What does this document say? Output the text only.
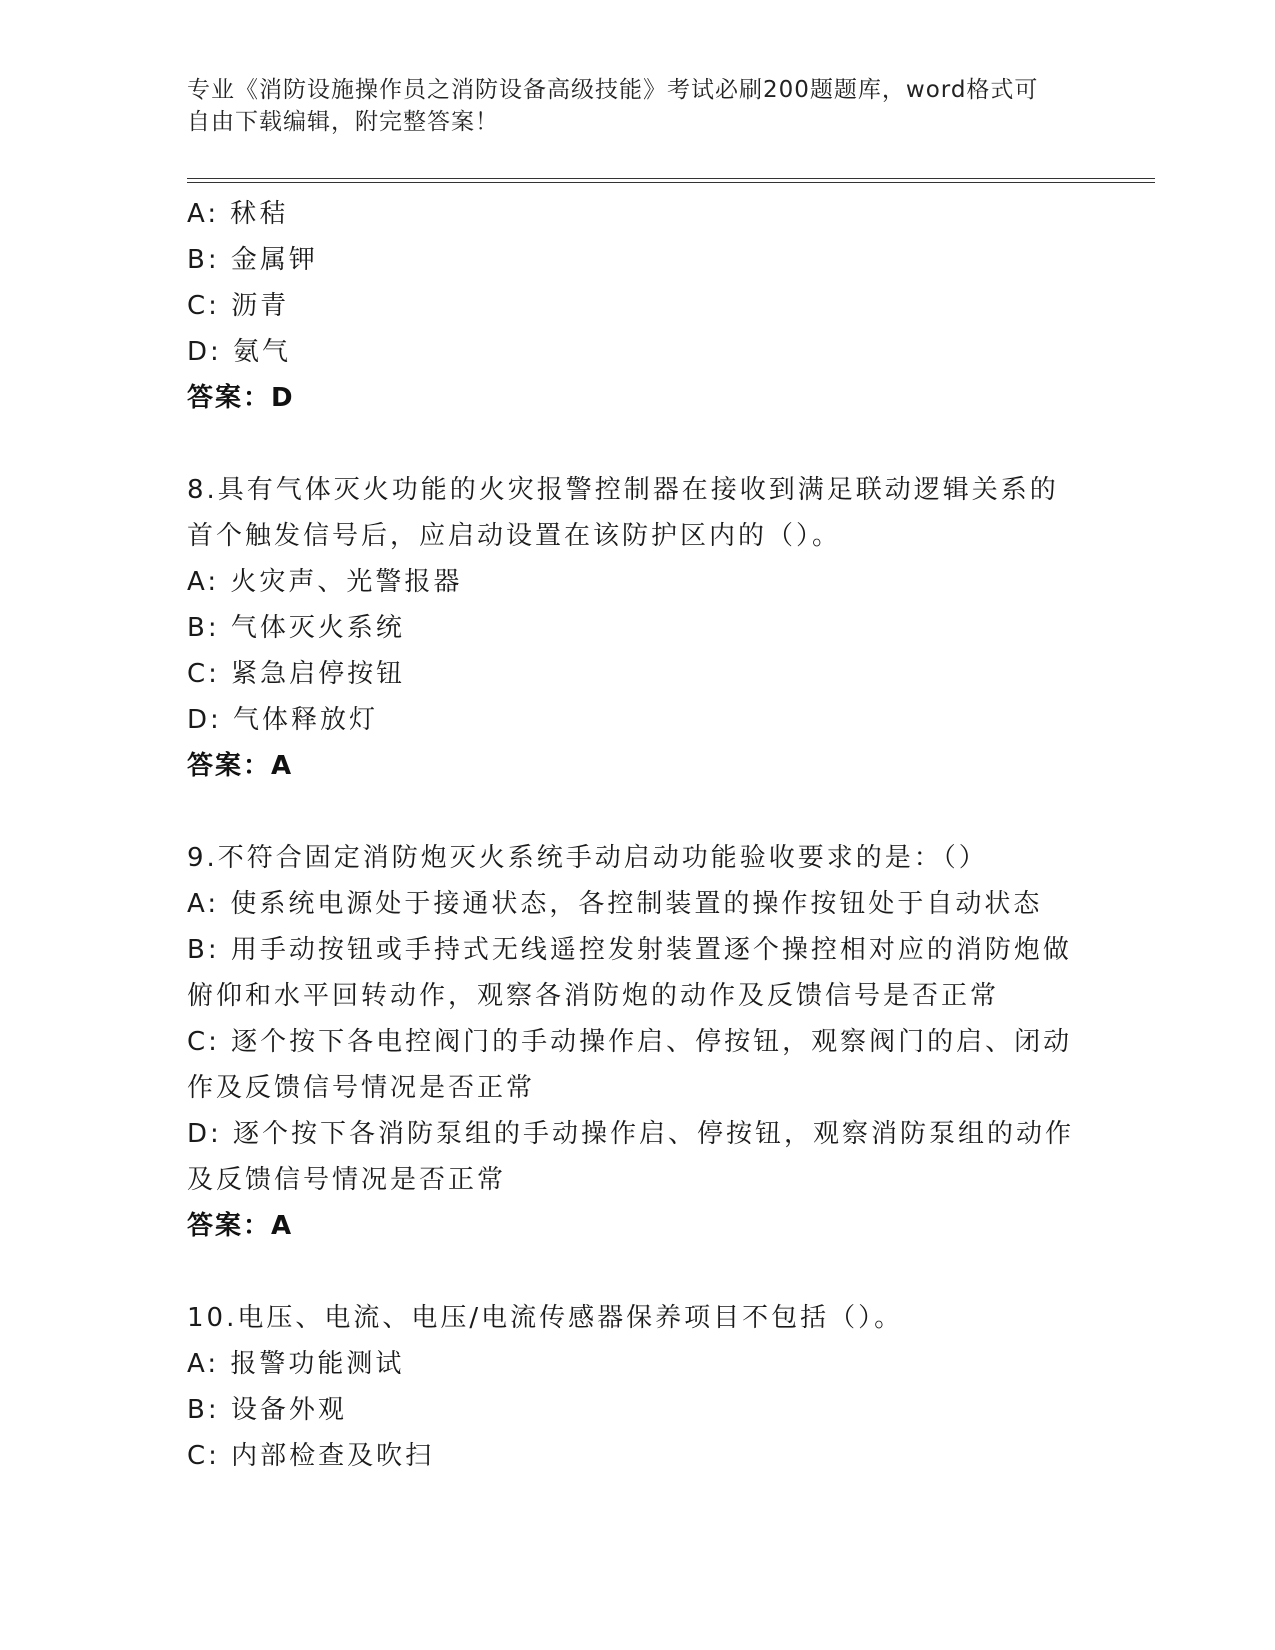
专业《消防设施操作员之消防设备高级技能》考试必刷200题题库，word格式可
自由下载编辑，附完整答案！
A: 秫秸
B: 金属钾
C: 沥青
D: 氨气
答案：D
8.具有气体灭火功能的火灾报警控制器在接收到满足联动逻辑关系的
首个触发信号后，应启动设置在该防护区内的（）。
A: 火灾声、光警报器
B: 气体灭火系统
C: 紧急启停按钮
D: 气体释放灯
答案：A
9.不符合固定消防炮灭火系统手动启动功能验收要求的是：（）
A: 使系统电源处于接通状态，各控制装置的操作按钮处于自动状态
B: 用手动按钮或手持式无线遥控发射装置逐个操控相对应的消防炮做
俯仰和水平回转动作，观察各消防炮的动作及反馈信号是否正常
C: 逐个按下各电控阀门的手动操作启、停按钮，观察阀门的启、闭动
作及反馈信号情况是否正常
D: 逐个按下各消防泵组的手动操作启、停按钮，观察消防泵组的动作
及反馈信号情况是否正常
答案：A
10.电压、电流、电压/电流传感器保养项目不包括（）。
A: 报警功能测试
B: 设备外观
C: 内部检查及吹扫
